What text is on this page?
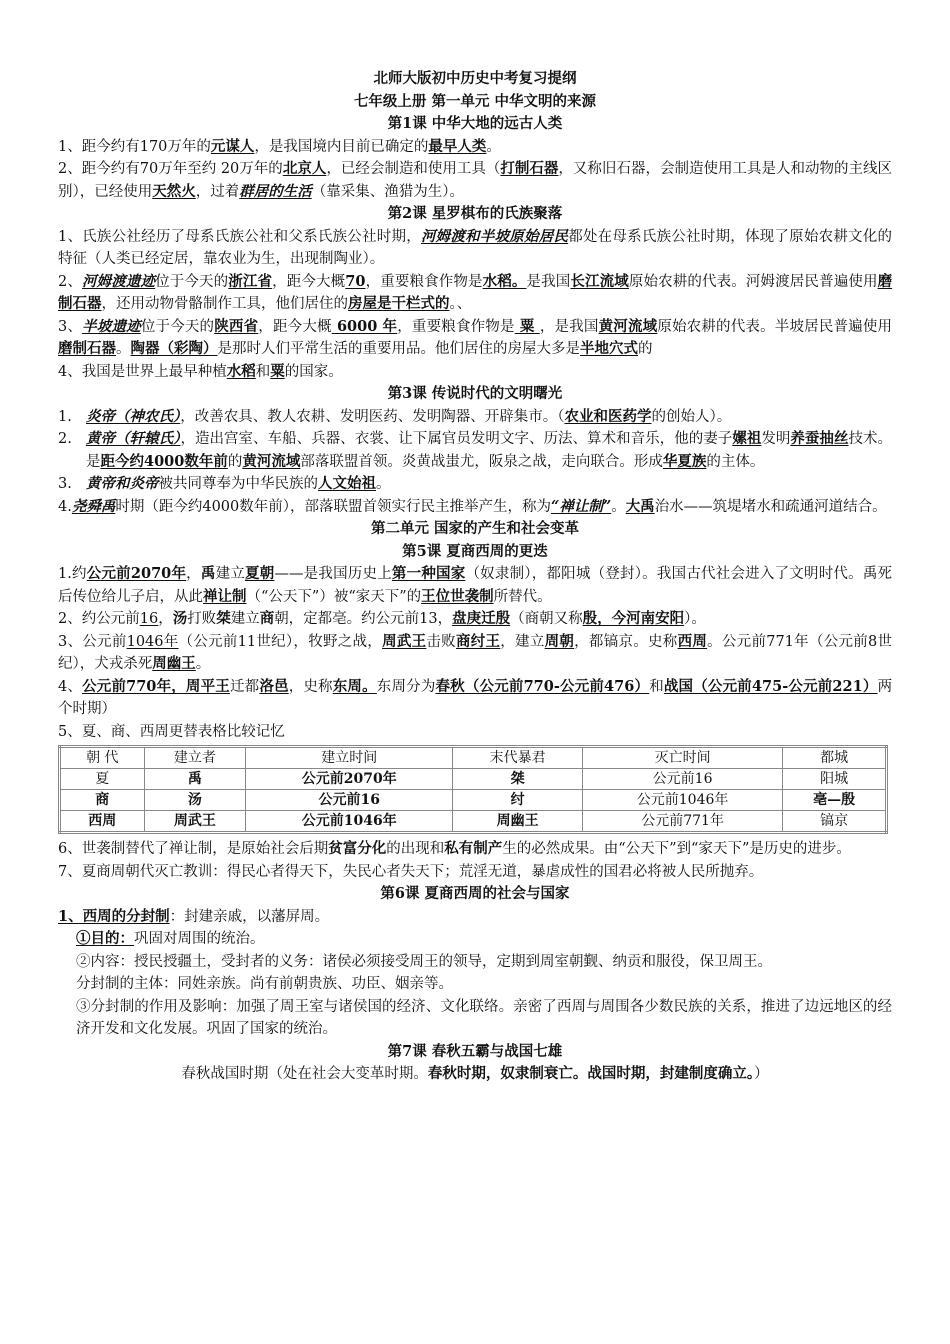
北师大版初中历史中考复习提纲

七年级上册 第一单元 中华文明的来源

第1课 中华大地的远古人类

1、距今约有170万年的元谋人，是我国境内目前已确定的最早人类。

2、距今约有70万年至约 20万年的北京人，已经会制造和使用工具（打制石器，又称旧石器，会制造使用工具是人和动物的主线区别），已经使用天然火，过着群居的生活（靠采集、渔猎为生）。

第2课 星罗棋布的氏族聚落

1、氏族公社经历了母系氏族公社和父系氏族公社时期，河姆渡和半坡原始居民都处在母系氏族公社时期，体现了原始农耕文化的特征（人类已经定居，靠农业为生，出现制陶业）。

2、河姆渡遗迹位于今天的浙江省，距今大概70，重要粮食作物是水稻。是我国长江流域原始农耕的代表。河姆渡居民普遍使用磨制石器，还用动物骨骼制作工具，他们居住的房屋是干栏式的。、

3、半坡遗迹位于今天的陕西省，距今大概 6000 年，重要粮食作物是 粟 ，是我国黄河流域原始农耕的代表。半坡居民普遍使用磨制石器。陶器（彩陶）是那时人们平常生活的重要用品。他们居住的房屋大多是半地穴式的

4、我国是世界上最早种植水稻和粟的国家。

第3课 传说时代的文明曙光

1. 炎帝（神农氏），改善农具、教人农耕、发明医药、发明陶器、开辟集市。（农业和医药学的创始人）。

2. 黄帝（轩辕氏），造出宫室、车船、兵器、衣裳、让下属官员发明文字、历法、算术和音乐，他的妻子嫘祖发明养蚕抽丝技术。是距今约4000数年前的黄河流域部落联盟首领。炎黄战蚩尤，阪泉之战，走向联合。形成华夏族的主体。

3. 黄帝和炎帝被共同尊奉为中华民族的人文始祖。

4.尧舜禹时期（距今约4000数年前），部落联盟首领实行民主推举产生，称为“禅让制”。大禹治水——筑堤堵水和疏通河道结合。

第二单元 国家的产生和社会变革

第5课 夏商西周的更迭

1.约公元前2070年，禹建立夏朝——是我国历史上第一种国家（奴隶制），都阳城（登封）。我国古代社会进入了文明时代。禹死后传位给儿子启，从此禅让制（“公天下”）被“家天下”的王位世袭制所替代。

2、约公元前16，汤打败桀建立商朝，定都亳。约公元前13，盘庚迁殷（商朝又称殷，今河南安阳）。

3、公元前1046年（公元前11世纪），牧野之战，周武王击败商纣王，建立周朝，都镐京。史称西周。公元前771年（公元前8世纪），犬戎杀死周幽王。

4、公元前770年，周平王迁都洛邑，史称东周。东周分为春秋（公元前770-公元前476）和战国（公元前475-公元前221）两个时期）

5、夏、商、西周更替表格比较记忆

朝 代	建立者	建立时间	末代暴君	灭亡时间	都城
夏	禹	公元前2070年	桀	公元前16	阳城
商	汤	公元前16	纣	公元前1046年	亳—殷
西周	周武王	公元前1046年	周幽王	公元前771年	镐京

6、世袭制替代了禅让制，是原始社会后期贫富分化的出现和私有制产生的必然成果。由“公天下”到“家天下”是历史的进步。

7、夏商周朝代灭亡教训：得民心者得天下，失民心者失天下；荒淫无道，暴虐成性的国君必将被人民所抛弃。

第6课 夏商西周的社会与国家

1、西周的分封制：封建亲戚，以藩屏周。

①目的：巩固对周围的统治。

②内容：授民授疆土，受封者的义务：诸侯必须接受周王的领导，定期到周室朝觐、纳贡和服役，保卫周王。

分封制的主体：同姓亲族。尚有前朝贵族、功臣、姻亲等。

③分封制的作用及影响：加强了周王室与诸侯国的经济、文化联络。亲密了西周与周围各少数民族的关系，推进了边远地区的经济开发和文化发展。巩固了国家的统治。

第7课 春秋五霸与战国七雄

春秋战国时期（处在社会大变革时期。春秋时期，奴隶制衰亡。战国时期，封建制度确立。）
